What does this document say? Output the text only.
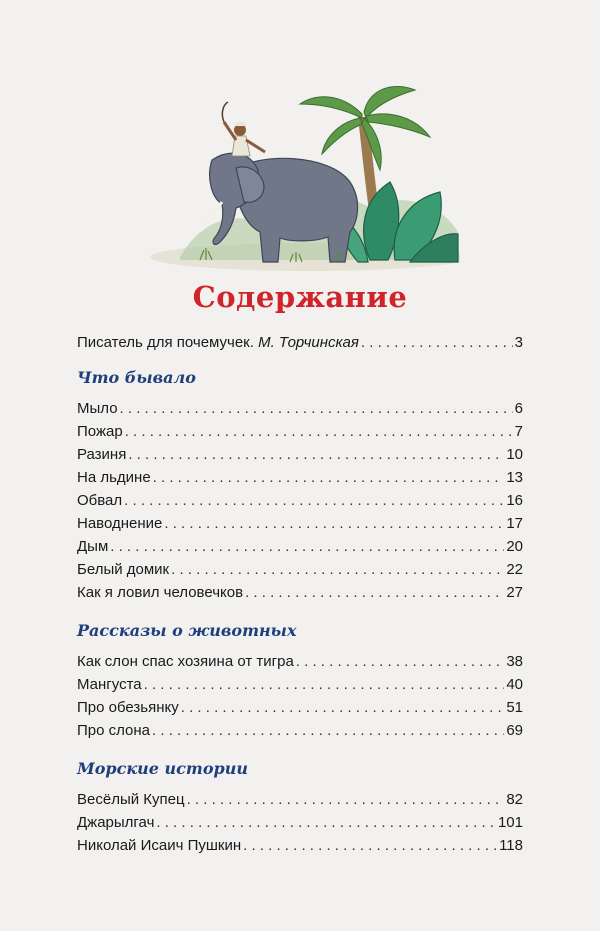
Содержание
Писатель для почемучек.
М. Торчинская . . .	3
Что бывало
Мыло . . .	6
Пожар . . .	7
Разиня . . .	10
На льдине . . .	13
Обвал . . .	16
Наводнение . . .	17
Дым . . .	20
Белый домик . . .	22
Как я ловил человечков . . .	27
Рассказы о животных
Как слон спас хозяина от тигра . . .	38
Мангуста . . .	40
Про обезьянку . . .	51
Про слона . . .	69
Морские истории
Весёлый Купец . . .	82
Джарылгач . . .	101
Николай Исаич Пушкин . . .	118
